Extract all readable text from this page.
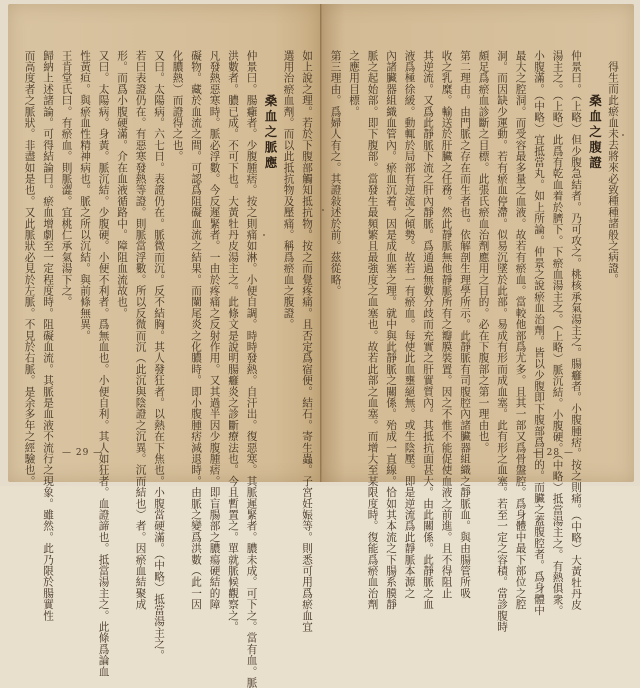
得生而此瘀血未去將來必致種種諸般之病證。
桑血之腹證
仲景曰。（上略）但少腹急結者。乃可攻之。桃核承氣湯主之。腸癰者。小腹腫痞。按之則痛。（中略）大黃牡丹皮
湯主之。（上略）此爲有乾血着於臍下。下瘀血湯主之。（上略）脈沉結。小腹硬。（中略）抵當湯主之。有熱俱衆。
小腹滿。（中略）宜抵當丸。如上所論。仲景之說瘀血治劑。皆以少腹即下腹部爲目的。而臟之蓋腹腔者。爲身體中
最大之腔洞。而受容最多量之血液。故若有瘀血。當較他部爲尤多。且其一部又爲骨盤腔。爲身體中最下部位之腔
洞。而因缺少運動。若有瘀血停滯。似易沉墜於此部。易成有形而成血塞。此有形之血塞。若至一定之容積。當診腹時
頗足爲瘀血診斷之目標。此張氏瘀血治劑應用之目的。必在下腹部之第一理由也。
第二理由。由門脈之存在而生者也。依解剖生理學所示。此靜脈有司腹腔內諸臟器組織之靜脈血。與由腸管所吸
收之乳糜。輸送於肝臟之任務。然此靜脈無他靜脈所有之瓣膜裝置。因之不惟不能促使血液之前進。且不得阻止
其逆流。又爲此靜脈下流之肝內靜脈。爲通過無數分歧而充實之肝實質內。其抵抗面甚大。由此關係。此靜脈之血
液爲極徐緩。動輒於局部有逆流之傾勢。故若一有瘀血。每使此血壅絕無。或生陰壓。即是逆流爲此靜脈本源之
內諸臟器組織血管內。瘀血沉着。因是成血塞之理。就中與此靜脈之關係。殆成一直線。恰如其本流之下腸系膜靜
脈之起始部。即下腹部。當發生最頻繁且最強度之血塞也。故若此部之血塞。而增大至某限度時。復能爲瘀血治劑
之應用目標。
第三理由。爲婦人有之。其證敍述於前。茲從略。
— 28 —
如上說之理。若於下腹部觸知抵抗物。按之而覺疼痛。且否定爲宿便。結石。寄生蟲。子宮妊娠等。則悉可用爲瘀血宜
選用治瘀血劑。而以此抵抗物及壓痛。稱爲瘀血之腹證。
桑血之脈應
仲景曰。腸癰者。少腹腫痞。按之則痛如淋。小便自調。時時發熱。自汗出。復惡寒。其脈遲緊者。膿未成。可下之。當有血。脈
洪數者。膿已成。不可下也。大黃牡丹皮湯主之。此條文是說明腸癰炎之診斷療法也。今且暫置之。單就脈候觀察之。
凡發熱惡寒時。脈必浮數。今反遲緊者。一由於疼痛之反射作用。又其過半因少腹腫痞。即盲腸部之膿瘍硬結的障
礙物。藏於血流之間。可認爲阻礙血流之結果。而闌尾炎之化膿時。即小腹腫痞減退時。由脈之變爲洪數（此一因
化膿熱）而證得之也。
又曰。太陽病。六七日。表證仍在。脈微而沉。反不結胸。其人發狂者。以熱在下焦也。小腹當硬滿。（中略）抵當湯主之。
若曰表證仍在。有惡寒發熱等證。則脈當浮數。所以反微而沉（此沉與陰證之沉異。沉而結也）者。因瘀血結聚成
形。而爲小腹硬滿。介在血液循路中。障阻血流故也。
又曰。太陽病。身黃。脈沉結。少腹硬。小便不利者。爲無血也。小便自利。其人如狂者。血證諦也。抵當湯主之。此條爲論血
性黃疸。與瘀血性精神病也。脈之所以沉結。與前條無異。
王肯堂氏曰。有瘀血。則脈澀。宜桃仁承氣湯下之。
歸納上述諸論。可得結論曰。瘀血增劇至一定程度時。阻礙血流。其脈是血液不流行之現象。雖然。此乃限於腸實性
而高度者之脈狀。非盡如是也。又此脈狀必見於左脈。不見於右脈。是余多年之經驗也。	— 29 —
